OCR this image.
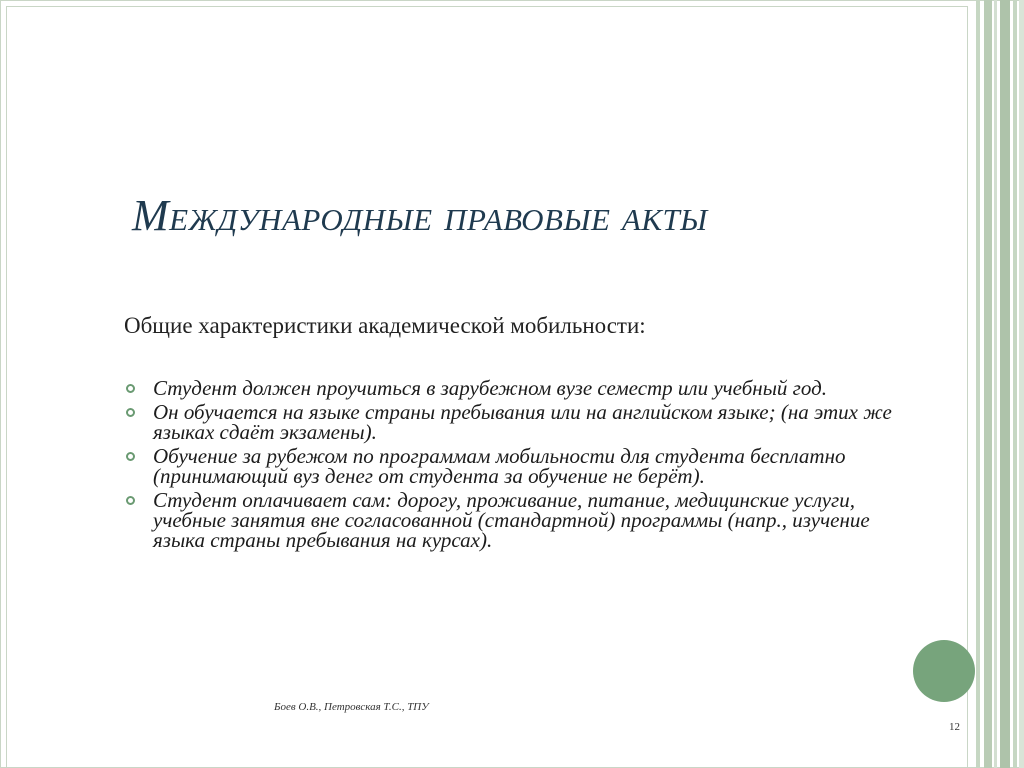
Международные правовые акты

Общие характеристики академической мобильности:

Студент должен проучиться в зарубежном вузе семестр или учебный год.
Он обучается на языке страны пребывания или на английском языке; (на этих же языках сдаёт экзамены).
Обучение за рубежом по программам мобильности для студента бесплатно (принимающий вуз денег от студента за обучение не берёт).
Студент оплачивает сам: дорогу, проживание, питание, медицинские услуги, учебные занятия вне согласованной (стандартной) программы (напр., изучение языка страны пребывания на курсах).

Боев О.В., Петровская Т.С., ТПУ

12
